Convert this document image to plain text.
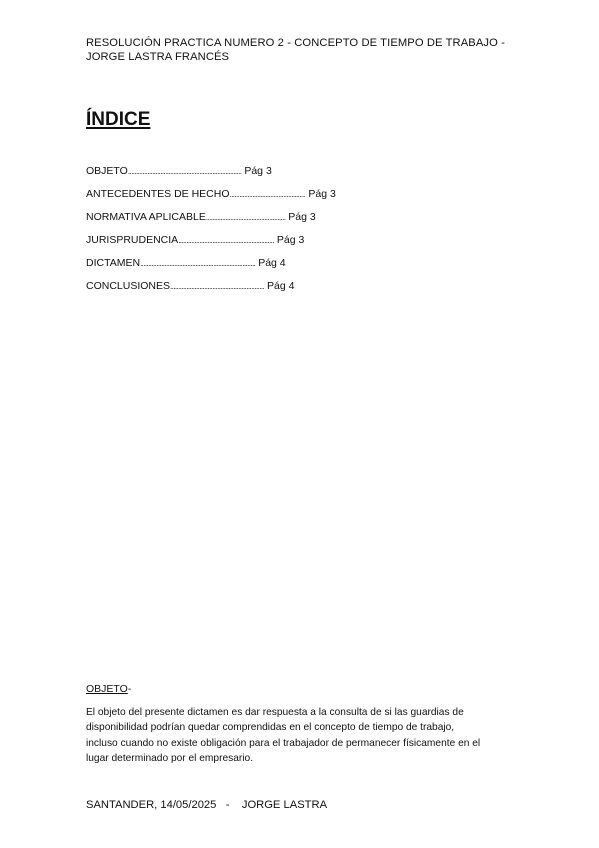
RESOLUCIÓN PRACTICA NUMERO 2 - CONCEPTO DE TIEMPO DE TRABAJO -
JORGE LASTRA FRANCÉS
ÍNDICE
OBJETO...................................................................... Pág 3
ANTECEDENTES DE HECHO.............................................. Pág 3
NORMATIVA APLICABLE................................................. Pág 3
JURISPRUDENCIA........................................................... Pág 3
DICTAMEN....................................................................... Pág 4
CONCLUSIONES.......................................................... Pág 4
OBJETO-
El objeto del presente dictamen es dar respuesta a la consulta de si las guardias de
disponibilidad podrían quedar comprendidas en el concepto de tiempo de trabajo,
incluso cuando no existe obligación para el trabajador de permanecer físicamente en el
lugar determinado por el empresario.
SANTANDER, 14/05/2025   -    JORGE LASTRA
